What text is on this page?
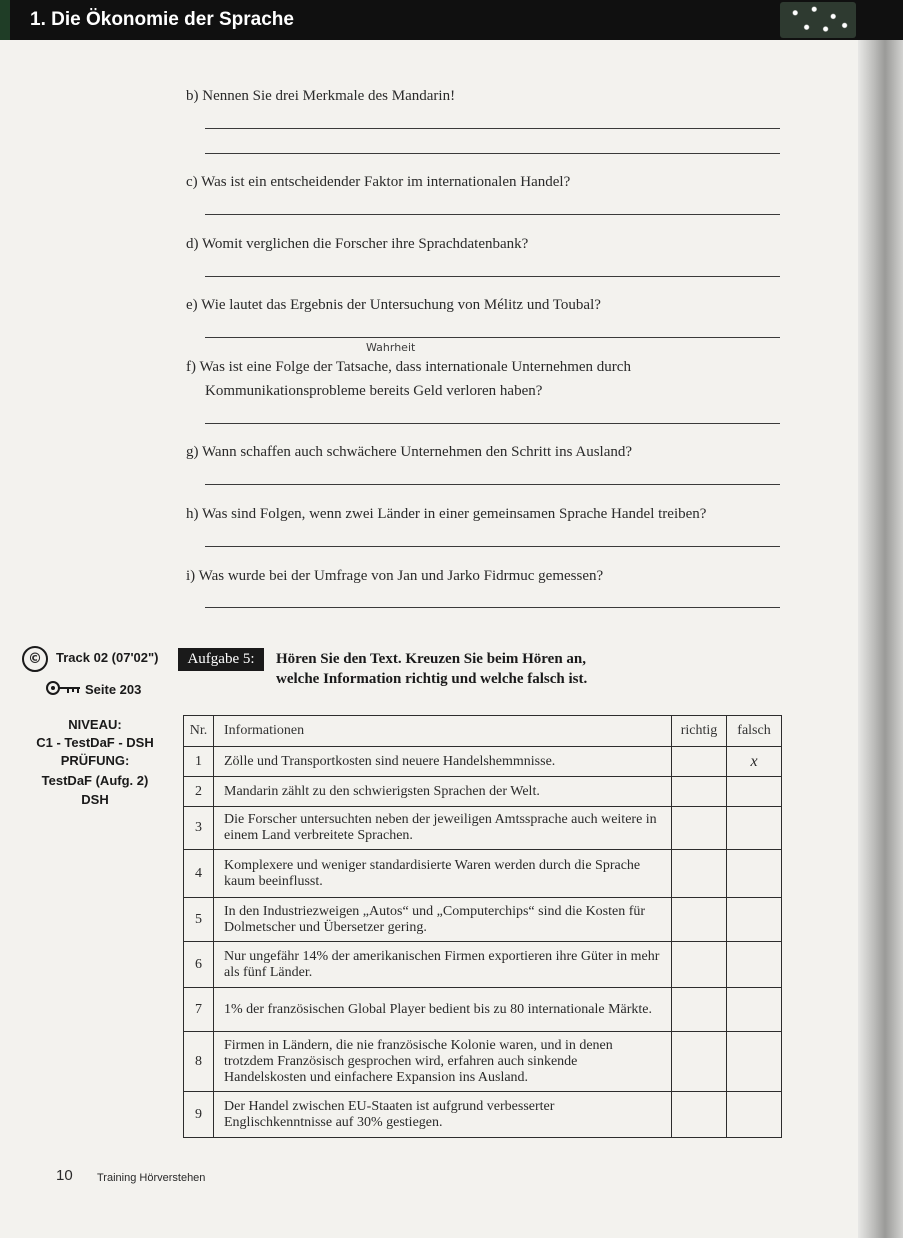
1. Die Ökonomie der Sprache
b) Nennen Sie drei Merkmale des Mandarin!
c) Was ist ein entscheidender Faktor im internationalen Handel?
d) Womit verglichen die Forscher ihre Sprachdatenbank?
e) Wie lautet das Ergebnis der Untersuchung von Mélitz und Toubal?
Wahrheit
f) Was ist eine Folge der Tatsache, dass internationale Unternehmen durch
Kommunikationsprobleme bereits Geld verloren haben?
g) Wann schaffen auch schwächere Unternehmen den Schritt ins Ausland?
h) Was sind Folgen, wenn zwei Länder in einer gemeinsamen Sprache Handel treiben?
i) Was wurde bei der Umfrage von Jan und Jarko Fidrmuc gemessen?
©	Track 02 (07'02")
Seite 203
NIVEAU:
C1 - TestDaF - DSH
PRÜFUNG:
TestDaF (Aufg. 2)
DSH
Aufgabe 5:	Hören Sie den Text. Kreuzen Sie beim Hören an,
welche Information richtig und welche falsch ist.
Nr.	Informationen	richtig	falsch
1	Zölle und Transportkosten sind neuere Handelshemmnisse.		x
2	Mandarin zählt zu den schwierigsten Sprachen der Welt.		
3	Die Forscher untersuchten neben der jeweiligen Amtssprache auch weitere in einem Land verbreitete Sprachen.		
4	Komplexere und weniger standardisierte Waren werden durch die Sprache kaum beeinflusst.		
5	In den Industriezweigen „Autos“ und „Computerchips“ sind die Kosten für Dolmetscher und Übersetzer gering.		
6	Nur ungefähr 14% der amerikanischen Firmen exportieren ihre Güter in mehr als fünf Länder.		
7	1% der französischen Global Player bedient bis zu 80 internationale Märkte.		
8	Firmen in Ländern, die nie französische Kolonie waren, und in denen trotzdem Französisch gesprochen wird, erfahren auch sinkende Handelskosten und einfachere Expansion ins Ausland.		
9	Der Handel zwischen EU-Staaten ist aufgrund verbesserter Englischkenntnisse auf 30% gestiegen.		
10 Training Hörverstehen
